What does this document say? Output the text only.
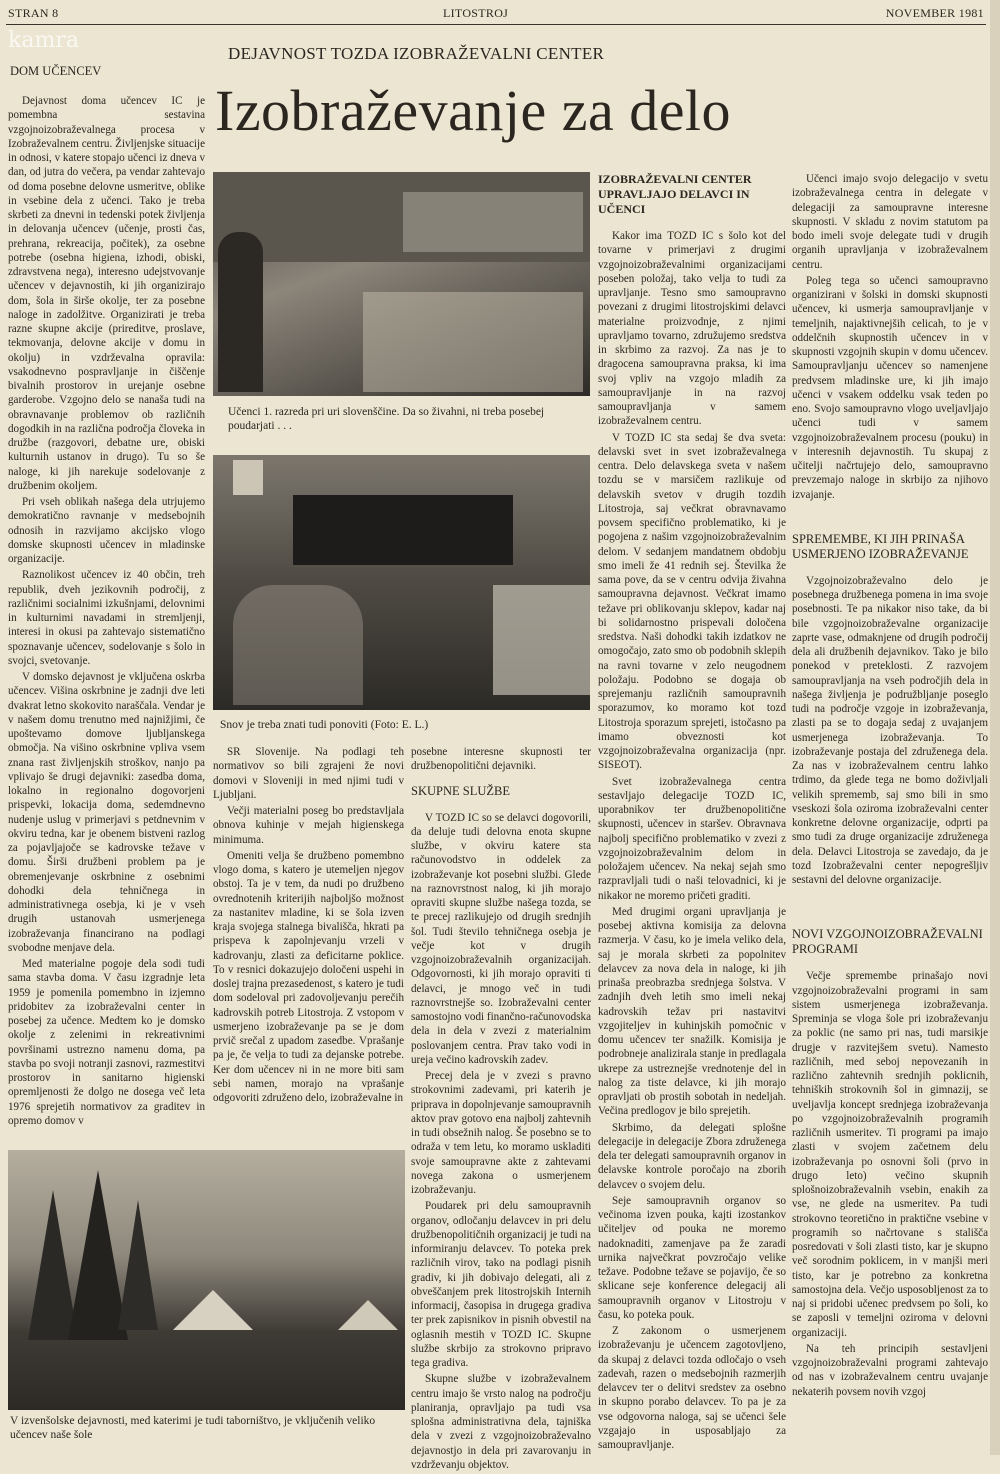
STRAN 8	LITOSTROJ	NOVEMBER 1981
kamra
DEJAVNOST TOZDA IZOBRAŽEVALNI CENTER
Izobraževanje za delo
DOM UČENCEV

Dejavnost doma učencev IC je pomembna sestavina vzgojnoizobraževalnega procesa v Izobraževalnem centru. Življenjske situacije in odnosi, v katere stopajo učenci iz dneva v dan, od jutra do večera, pa vendar zahtevajo od doma posebne delovne usmeritve, oblike in vsebine dela z učenci. Tako je treba skrbeti za dnevni in tedenski potek življenja in delovanja učencev (učenje, prosti čas, prehrana, rekreacija, počitek), za osebne potrebe (osebna higiena, izhodi, obiski, zdravstvena nega), interesno udejstvovanje učencev v dejavnostih, ki jih organizirajo dom, šola in širše okolje, ter za posebne naloge in zadolžitve. Organizirati je treba razne skupne akcije (prireditve, proslave, tekmovanja, delovne akcije v domu in okolju) in vzdrževalna opravila: vsakodnevno pospravljanje in čiščenje bivalnih prostorov in urejanje osebne garderobe. Vzgojno delo se nanaša tudi na obravnavanje problemov ob različnih dogodkih in na različna področja človeka in družbe (razgovori, debatne ure, obiski kulturnih ustanov in drugo). Tu so še naloge, ki jih narekuje sodelovanje z družbenim okoljem.

Pri vseh oblikah našega dela utrjujemo demokratično ravnanje v medsebojnih odnosih in razvijamo akcijsko vlogo domske skupnosti učencev in mladinske organizacije.

Raznolikost učencev iz 40 občin, treh republik, dveh jezikovnih področij, z različnimi socialnimi izkušnjami, delovnimi in kulturnimi navadami in stremljenji, interesi in okusi pa zahtevajo sistematično spoznavanje učencev, sodelovanje s šolo in svojci, svetovanje.

V domsko dejavnost je vključena oskrba učencev. Višina oskrbnine je zadnji dve leti dvakrat letno skokovito naraščala. Vendar je v našem domu trenutno med najnižjimi, če upoštevamo domove ljubljanskega območja. Na višino oskrbnine vpliva vsem znana rast življenjskih stroškov, nanjo pa vplivajo še drugi dejavniki: zasedba doma, lokalno in regionalno dogovorjeni prispevki, lokacija doma, sedemdnevno nudenje uslug v primerjavi s petdnevnim v okviru tedna, kar je obenem bistveni razlog za pojavljajoče se kadrovske težave v domu. Širši družbeni problem pa je obremenjevanje oskrbnine z osebnimi dohodki dela tehničnega in administrativnega osebja, ki je v vseh drugih ustanovah usmerjenega izobraževanja financirano na podlagi svobodne menjave dela.

Med materialne pogoje dela sodi tudi sama stavba doma. V času izgradnje leta 1959 je pomenila pomembno in izjemno pridobitev za izobraževalni center in posebej za učence. Medtem ko je domsko okolje z zelenimi in rekreativnimi površinami ustrezno namenu doma, pa stavba po svoji notranji zasnovi, razmestitvi prostorov in sanitarno higienski opremljenosti že dolgo ne dosega več leta 1976 sprejetih normativov za graditev in opremo domov v

Učenci 1. razreda pri uri slovenščine. Da so živahni, ni treba posebej poudarjati . . .
Snov je treba znati tudi ponoviti (Foto: E. L.)

SR Slovenije. Na podlagi teh normativov so bili zgrajeni že novi domovi v Sloveniji in med njimi tudi v Ljubljani.

Večji materialni poseg bo predstavljala obnova kuhinje v mejah higienskega minimuma.

Omeniti velja še družbeno pomembno vlogo doma, s katero je utemeljen njegov obstoj. Ta je v tem, da nudi po družbeno ovrednotenih kriterijih najboljšo možnost za nastanitev mladine, ki se šola izven kraja svojega stalnega bivališča, hkrati pa prispeva k zapolnjevanju vrzeli v kadrovanju, zlasti za deficitarne poklice. To v resnici dokazujejo določeni uspehi in doslej trajna prezasedenost, s katero je tudi dom sodeloval pri zadovoljevanju perečih kadrovskih potreb Litostroja. Z vstopom v usmerjeno izobraževanje pa se je dom prvič srečal z upadom zasedbe. Vprašanje pa je, če velja to tudi za dejanske potrebe. Ker dom učencev ni in ne more biti sam sebi namen, morajo na vprašanje odgovoriti združeno delo, izobraževalne in

posebne interesne skupnosti ter družbenopolitični dejavniki.

SKUPNE SLUŽBE

V TOZD IC so se delavci dogovorili, da deluje tudi delovna enota skupne službe, v okviru katere sta računovodstvo in oddelek za izobraževanje kot posebni službi. Glede na raznovrstnost nalog, ki jih morajo opraviti skupne službe našega tozda, se te precej razlikujejo od drugih srednjih šol. Tudi število tehničnega osebja je večje kot v drugih vzgojnoizobraževalnih organizacijah. Odgovornosti, ki jih morajo opraviti ti delavci, je mnogo več in tudi raznovrstnejše so. Izobraževalni center samostojno vodi finančno-računovodska dela in dela v zvezi z materialnim poslovanjem centra. Prav tako vodi in ureja večino kadrovskih zadev.

Precej dela je v zvezi s pravno strokovnimi zadevami, pri katerih je priprava in dopolnjevanje samoupravnih aktov prav gotovo ena najbolj zahtevnih in tudi obsežnih nalog. Še posebno se to odraža v tem letu, ko moramo uskladiti svoje samoupravne akte z zahtevami novega zakona o usmerjenem izobraževanju.

Poudarek pri delu samoupravnih organov, odločanju delavcev in pri delu družbenopolitičnih organizacij je tudi na informiranju delavcev. To poteka prek različnih virov, tako na podlagi pisnih gradiv, ki jih dobivajo delegati, ali z obveščanjem prek litostrojskih Internih informacij, časopisa in drugega gradiva ter prek zapisnikov in pisnih obvestil na oglasnih mestih v TOZD IC. Skupne službe skrbijo za strokovno pripravo tega gradiva.

Skupne službe v izobraževalnem centru imajo še vrsto nalog na področju planiranja, opravljajo pa tudi vsa splošna administrativna dela, tajniška dela v zvezi z vzgojnoizobraževalno dejavnostjo in dela pri zavarovanju in vzdrževanju objektov.

V izvenšolske dejavnosti, med katerimi je tudi taborništvo, je vključenih veliko učencev naše šole
IZOBRAŽEVALNI CENTER UPRAVLJAJO DELAVCI IN UČENCI

Kakor ima TOZD IC s šolo kot del tovarne v primerjavi z drugimi vzgojnoizobraževalnimi organizacijami poseben položaj, tako velja to tudi za upravljanje. Tesno smo samoupravno povezani z drugimi litostrojskimi delavci materialne proizvodnje, z njimi upravljamo tovarno, združujemo sredstva in skrbimo za razvoj. Za nas je to dragocena samoupravna praksa, ki ima svoj vpliv na vzgojo mladih za samoupravljanje in na razvoj samoupravljanja v samem izobraževalnem centru.

V TOZD IC sta sedaj še dva sveta: delavski svet in svet izobraževalnega centra. Delo delavskega sveta v našem tozdu se v marsičem razlikuje od delavskih svetov v drugih tozdih Litostroja, saj večkrat obravnavamo povsem specifično problematiko, ki je pogojena z našim vzgojnoizobraževalnim delom. V sedanjem mandatnem obdobju smo imeli že 41 rednih sej. Številka že sama pove, da se v centru odvija živahna samoupravna dejavnost. Večkrat imamo težave pri oblikovanju sklepov, kadar naj bi solidarnostno prispevali določena sredstva. Naši dohodki takih izdatkov ne omogočajo, zato smo ob podobnih sklepih na ravni tovarne v zelo neugodnem položaju. Podobno se dogaja ob sprejemanju različnih samoupravnih sporazumov, ko moramo kot tozd Litostroja sporazum sprejeti, istočasno pa imamo obveznosti kot vzgojnoizobraževalna organizacija (npr. SISEOT).

Svet izobraževalnega centra sestavljajo delegacije TOZD IC, uporabnikov ter družbenopolitične skupnosti, učencev in staršev. Obravnava najbolj specifično problematiko v zvezi z vzgojnoizobraževalnim delom in položajem učencev. Na nekaj sejah smo razpravljali tudi o naši telovadnici, ki je nikakor ne moremo pričeti graditi.

Med drugimi organi upravljanja je posebej aktivna komisija za delovna razmerja. V času, ko je imela veliko dela, saj je morala skrbeti za popolnitev delavcev za nova dela in naloge, ki jih prinaša preobrazba srednjega šolstva. V zadnjih dveh letih smo imeli nekaj kadrovskih težav pri nastavitvi vzgojiteljev in kuhinjskih pomočnic v domu učencev ter snažilk. Komisija je podrobneje analizirala stanje in predlagala ukrepe za ustreznejše vrednotenje del in nalog za tiste delavce, ki jih morajo opravljati ob prostih sobotah in nedeljah. Večina predlogov je bilo sprejetih.

Skrbimo, da delegati splošne delegacije in delegacije Zbora združenega dela ter delegati samoupravnih organov in delavske kontrole poročajo na zborih delavcev o svojem delu.

Seje samoupravnih organov so večinoma izven pouka, kajti izostankov učiteljev od pouka ne moremo nadoknaditi, zamenjave pa že zaradi urnika največkrat povzročajo velike težave. Podobne težave se pojavijo, če so sklicane seje konference delegacij ali samoupravnih organov v Litostroju v času, ko poteka pouk.

Z zakonom o usmerjenem izobraževanju je učencem zagotovljeno, da skupaj z delavci tozda odločajo o vseh zadevah, razen o medsebojnih razmerjih delavcev ter o delitvi sredstev za osebno in skupno porabo delavcev. To pa je za vse odgovorna naloga, saj se učenci šele vzgajajo in usposabljajo za samoupravljanje.

Učenci imajo svojo delegacijo v svetu izobraževalnega centra in delegate v delegaciji za samoupravne interesne skupnosti. V skladu z novim statutom pa bodo imeli svoje delegate tudi v drugih organih upravljanja v izobraževalnem centru.

Poleg tega so učenci samoupravno organizirani v šolski in domski skupnosti učencev, ki usmerja samoupravljanje v temeljnih, najaktivnejših celicah, to je v oddelčnih skupnostih učencev in v skupnosti vzgojnih skupin v domu učencev. Samoupravljanju učencev so namenjene predvsem mladinske ure, ki jih imajo učenci v vsakem oddelku vsak teden po eno. Svojo samoupravno vlogo uveljavljajo učenci tudi v samem vzgojnoizobraževalnem procesu (pouku) in v interesnih dejavnostih. Tu skupaj z učitelji načrtujejo delo, samoupravno prevzemajo naloge in skrbijo za njihovo izvajanje.

SPREMEMBE, KI JIH PRINAŠA USMERJENO IZOBRAŽEVANJE

Vzgojnoizobraževalno delo je posebnega družbenega pomena in ima svoje posebnosti. Te pa nikakor niso take, da bi bile vzgojnoizobraževalne organizacije zaprte vase, odmaknjene od drugih področij dela ali družbenih dejavnikov. Tako je bilo ponekod v preteklosti. Z razvojem samoupravljanja na vseh področjih dela in našega življenja je podružbljanje poseglo tudi na področje vzgoje in izobraževanja, zlasti pa se to dogaja sedaj z uvajanjem usmerjenega izobraževanja. To izobraževanje postaja del združenega dela. Za nas v izobraževalnem centru lahko trdimo, da glede tega ne bomo doživljali velikih sprememb, saj smo bili in smo vseskozi šola oziroma izobraževalni center konkretne delovne organizacije, odprti pa smo tudi za druge organizacije združenega dela. Delavci Litostroja se zavedajo, da je tozd Izobraževalni center nepogrešljiv sestavni del delovne organizacije.

NOVI VZGOJNOIZOBRAŽEVALNI PROGRAMI

Večje spremembe prinašajo novi vzgojnoizobraževalni programi in sam sistem usmerjenega izobraževanja. Spreminja se vloga šole pri izobraževanju za poklic (ne samo pri nas, tudi marsikje drugje v razvitejšem svetu). Namesto različnih, med seboj nepovezanih in različno zahtevnih srednjih poklicnih, tehniških strokovnih šol in gimnazij, se uveljavlja koncept srednjega izobraževanja po vzgojnoizobraževalnih programih različnih usmeritev. Ti programi pa imajo zlasti v svojem začetnem delu izobraževanja po osnovni šoli (prvo in drugo leto) večino skupnih splošnoizobraževalnih vsebin, enakih za vse, ne glede na usmeritev. Pa tudi strokovno teoretično in praktične vsebine v programih so načrtovane s stališča posredovati v šoli zlasti tisto, kar je skupno več sorodnim poklicem, in v manjši meri tisto, kar je potrebno za konkretna samostojna dela. Večjo usposobljenost za to naj si pridobi učenec predvsem po šoli, ko se zaposli v temeljni oziroma v delovni organizaciji.

Na teh principih sestavljeni vzgojnoizobraževalni programi zahtevajo od nas v izobraževalnem centru uvajanje nekaterih povsem novih vzgoj
